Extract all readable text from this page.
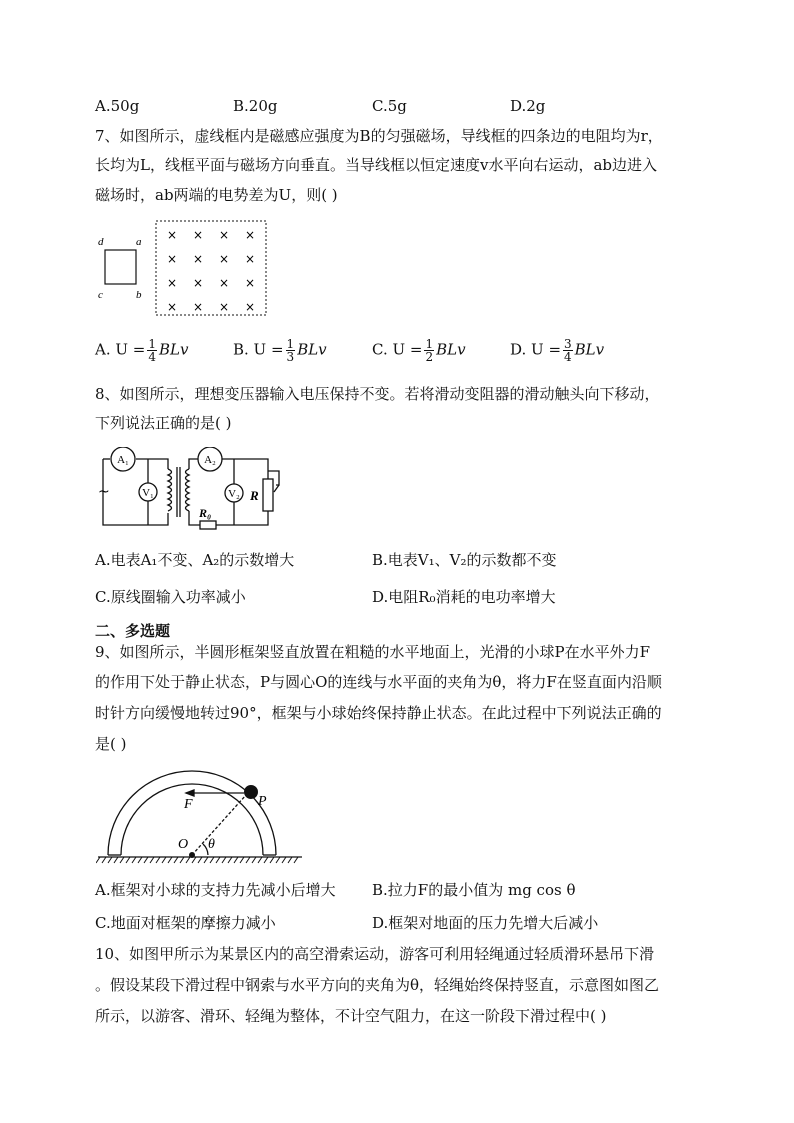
A.50g	B.20g	C.5g	D.2g
7、如图所示，虚线框内是磁感应强度为B的匀强磁场，导线框的四条边的电阻均为r，
长均为L，线框平面与磁场方向垂直。当导线框以恒定速度v水平向右运动，ab边进入
磁场时，ab两端的电势差为U，则( )
d	a
c	b
× × × ×
× × × ×
× × × ×
× × × ×
A. $U = \frac{1}{4}$ BLv	B. $U = \frac{1}{3}$ BLv	C. $U = \frac{1}{2}$ BLv	D. $U = \frac{3}{4}$ BLv
8、如图所示，理想变压器输入电压保持不变。若将滑动变阻器的滑动触头向下移动，
下列说法正确的是( )
~
A₁
V₁
A₂
V₂ R
R₀
A.电表A₁不变、A₂的示数增大	B.电表V₁、V₂的示数都不变
C.原线圈输入功率减小	D.电阻R₀消耗的电功率增大
二、多选题
9、如图所示，半圆形框架竖直放置在粗糙的水平地面上，光滑的小球P在水平外力F
的作用下处于静止状态，P与圆心O的连线与水平面的夹角为θ，将力F在竖直面内沿顺
时针方向缓慢地转过90°，框架与小球始终保持静止状态。在此过程中下列说法正确的
是( )
F	P
O θ
A.框架对小球的支持力先减小后增大 B.拉力F的最小值为 mg cos θ
C.地面对框架的摩擦力减小	D.框架对地面的压力先增大后减小
10、如图甲所示为某景区内的高空滑索运动，游客可利用轻绳通过轻质滑环悬吊下滑
。假设某段下滑过程中钢索与水平方向的夹角为θ，轻绳始终保持竖直，示意图如图乙
所示，以游客、滑环、轻绳为整体，不计空气阻力，在这一阶段下滑过程中( )
